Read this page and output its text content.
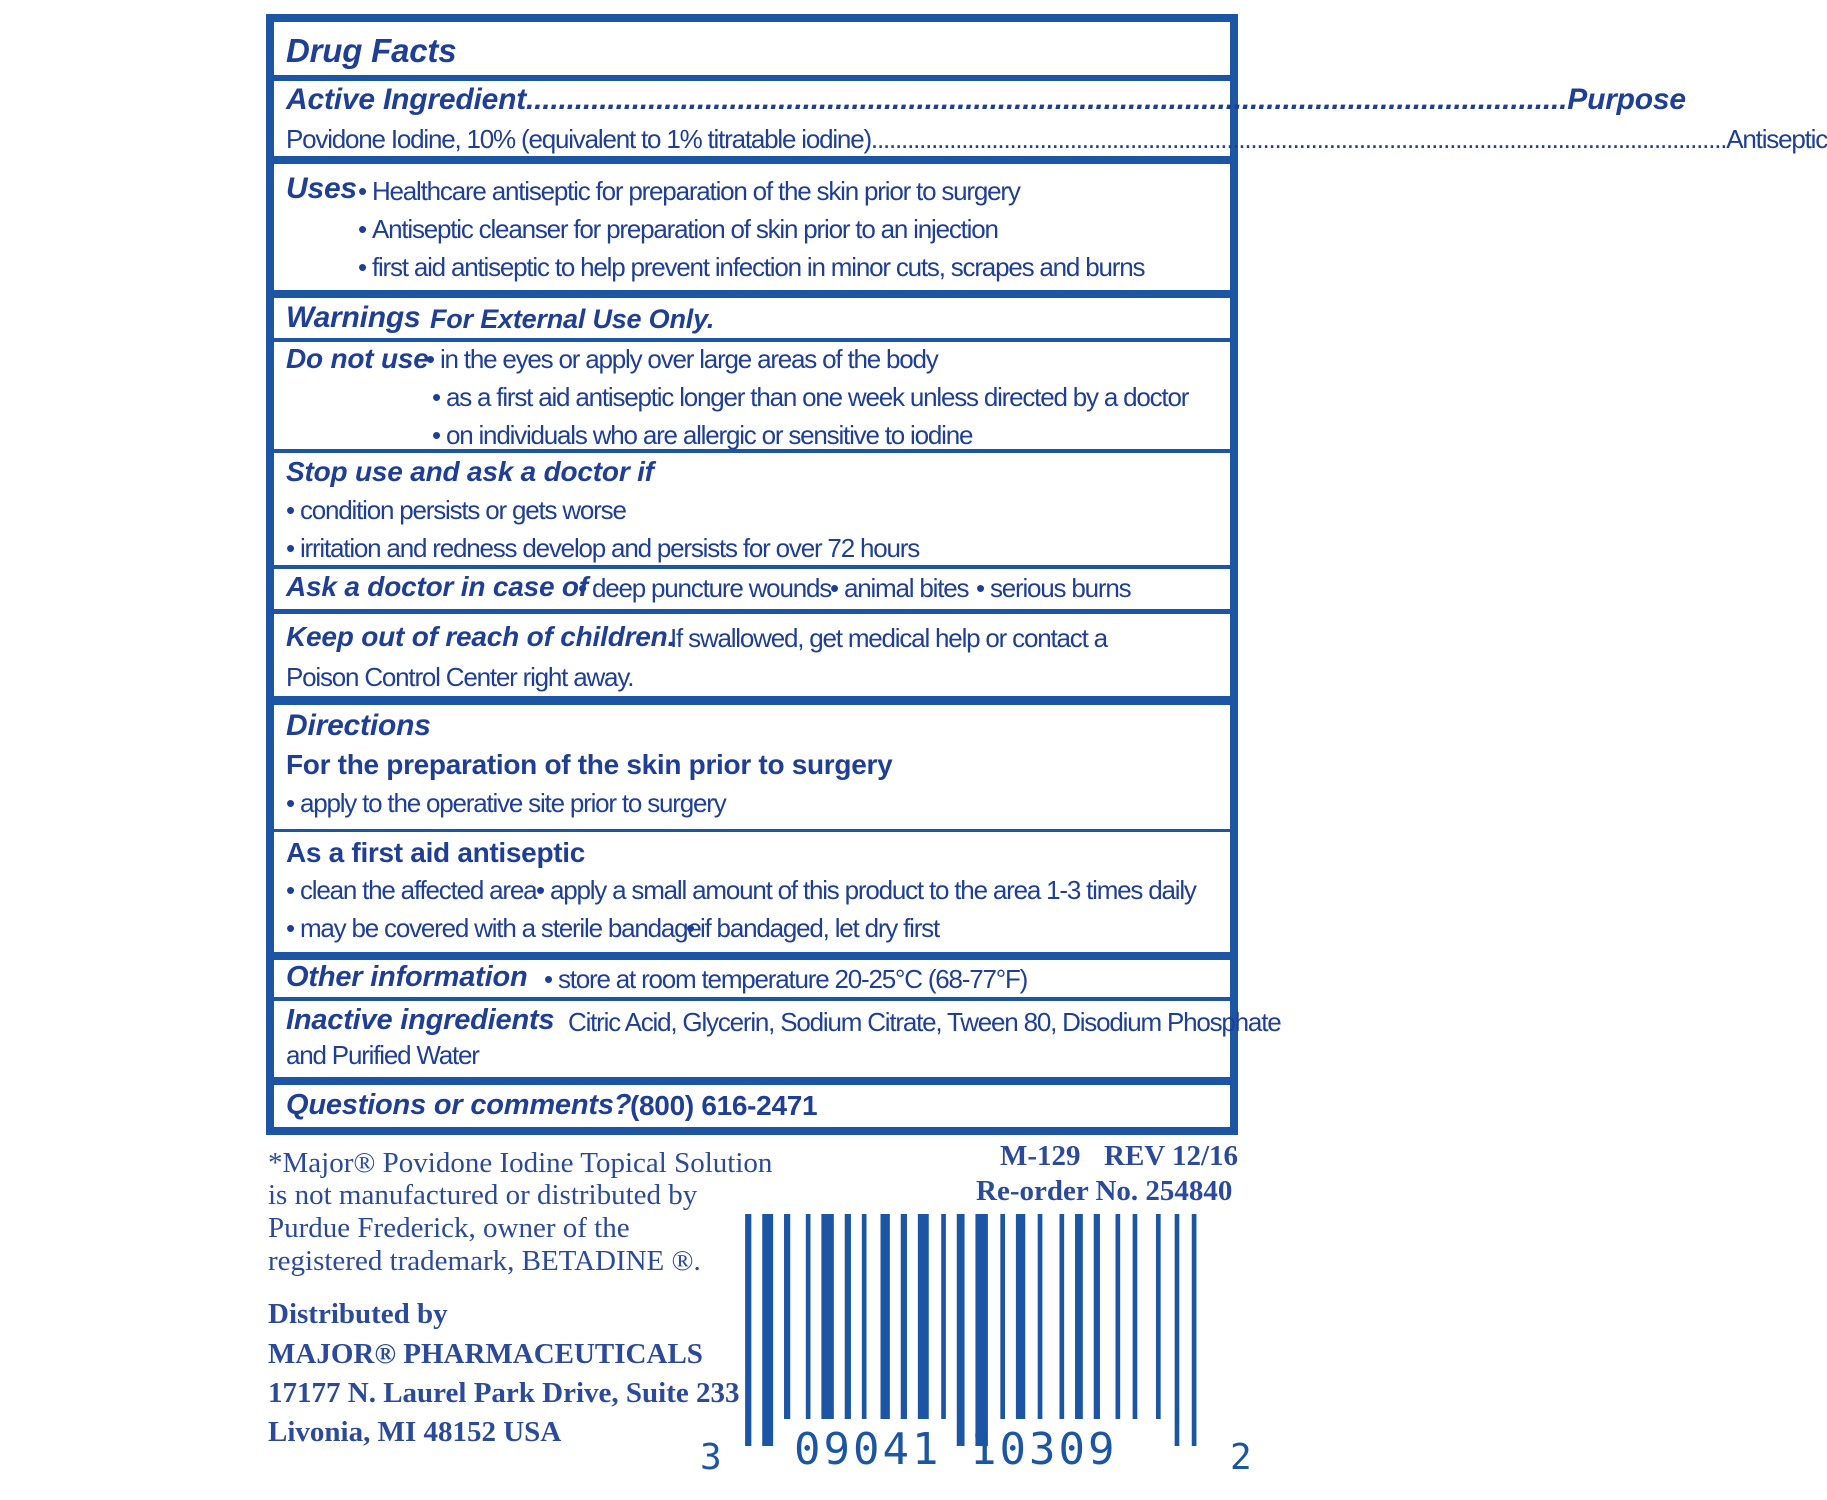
Drug Facts
Active Ingredient ................................................................................................................................ Purpose
Povidone Iodine, 10% (equivalent to 1% titratable iodine) .............................................................................................................................................. Antiseptic
Uses • Healthcare antiseptic for preparation of the skin prior to surgery
• Antiseptic cleanser for preparation of skin prior to an injection
• first aid antiseptic to help prevent infection in minor cuts, scrapes and burns
Warnings For External Use Only.
Do not use • in the eyes or apply over large areas of the body
• as a first aid antiseptic longer than one week unless directed by a doctor
• on individuals who are allergic or sensitive to iodine
Stop use and ask a doctor if
• condition persists or gets worse
• irritation and redness develop and persists for over 72 hours
Ask a doctor in case of • deep puncture wounds • animal bites • serious burns
Keep out of reach of children.
If swallowed, get medical help or contact a
Poison Control Center right away.
Directions
For the preparation of the skin prior to surgery
• apply to the operative site prior to surgery
As a first aid antiseptic
• clean the affected area • apply a small amount of this product to the area 1-3 times daily
• may be covered with a sterile bandage • if bandaged, let dry first
Other information	• store at room temperature 20-25°C (68-77°F)
Inactive ingredients Citric Acid, Glycerin, Sodium Citrate, Tween 80, Disodium Phosphate
and Purified Water
Questions or comments?
(800) 616-2471
*Major® Povidone Iodine Topical Solution
is not manufactured or distributed by
Purdue Frederick, owner of the
registered trademark, BETADINE ®.
Distributed by
MAJOR® PHARMACEUTICALS
17177 N. Laurel Park Drive, Suite 233
Livonia, MI 48152 USA
M-129 REV 12/16
Re-order No. 254840
3 09041 10309	2
